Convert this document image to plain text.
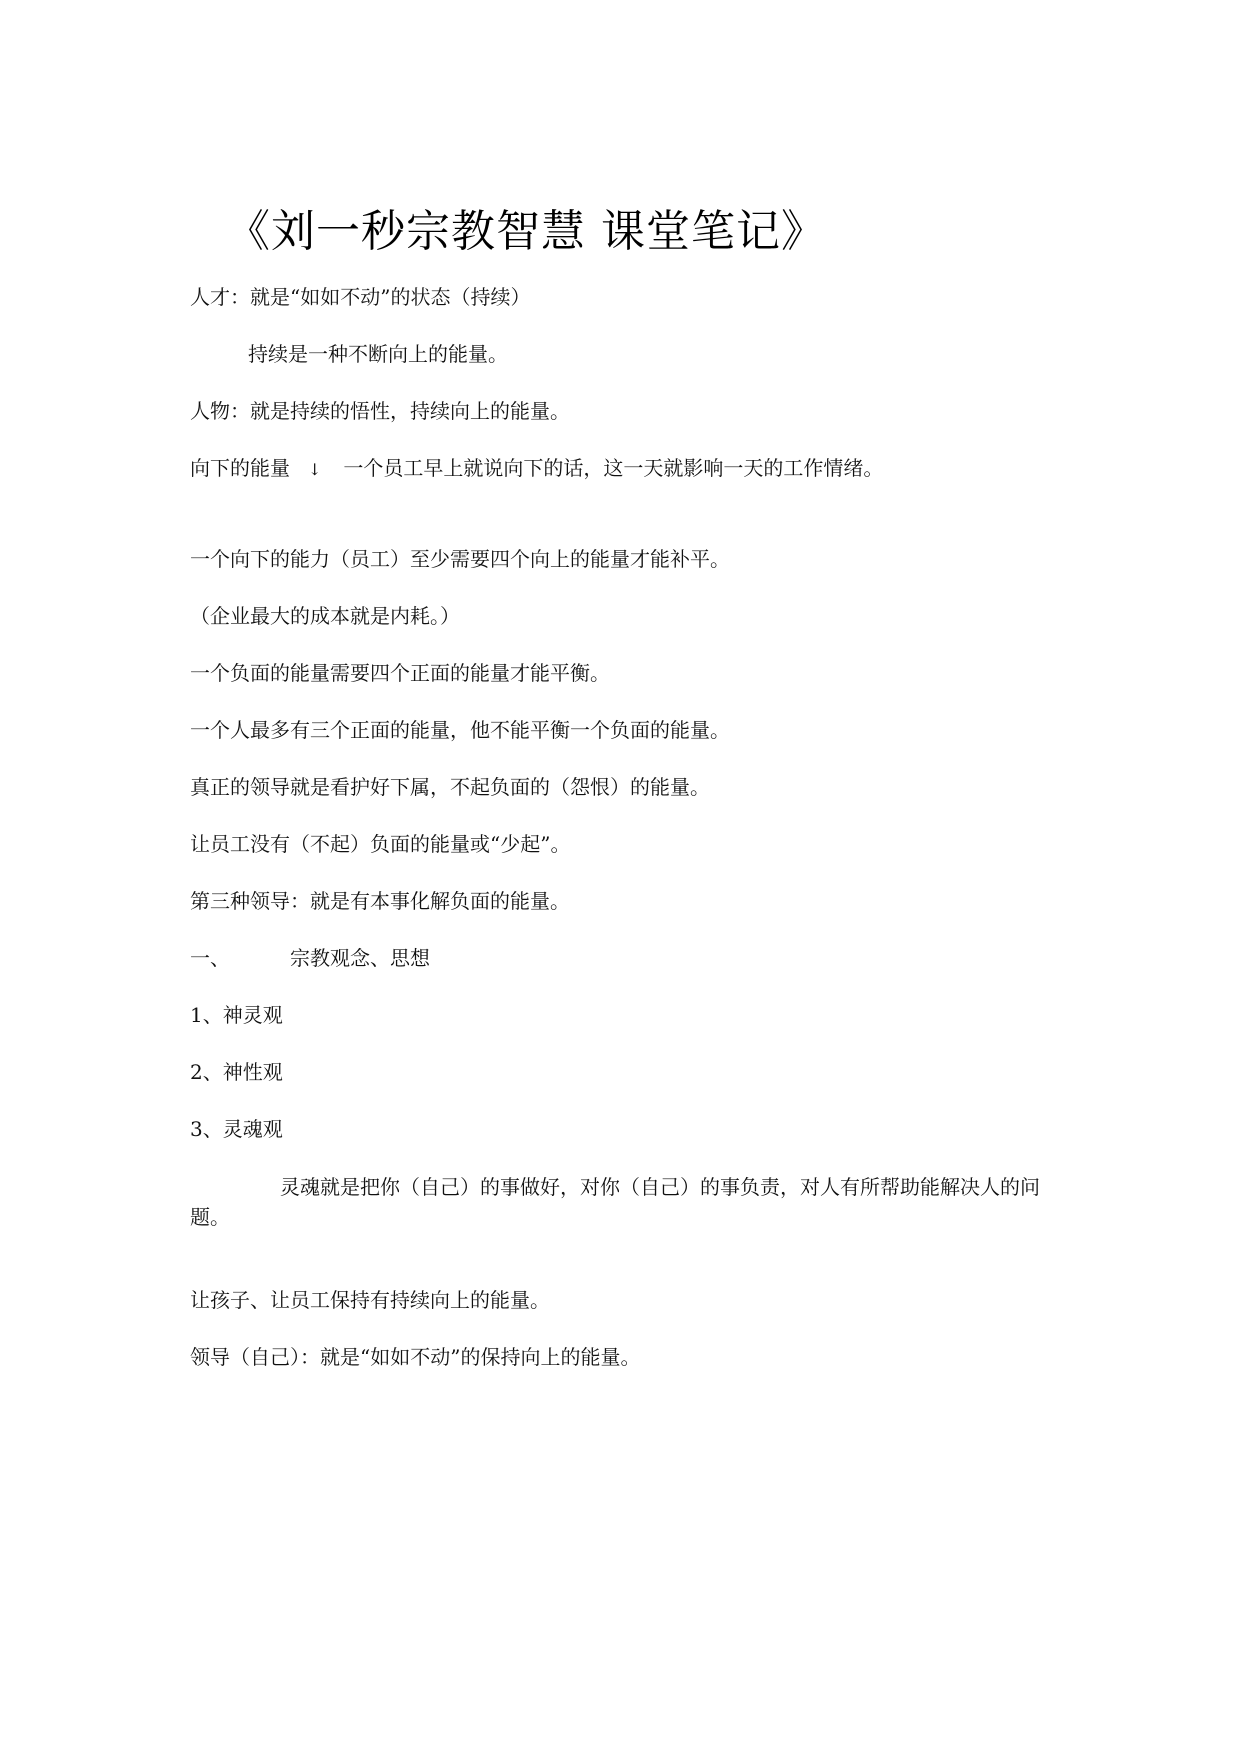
《刘一秒宗教智慧 课堂笔记》
人才：就是“如如不动”的状态（持续）
持续是一种不断向上的能量。
人物：就是持续的悟性，持续向上的能量。
向下的能量 ↓ 一个员工早上就说向下的话，这一天就影响一天的工作情绪。
一个向下的能力（员工）至少需要四个向上的能量才能补平。
（企业最大的成本就是内耗。）
一个负面的能量需要四个正面的能量才能平衡。
一个人最多有三个正面的能量，他不能平衡一个负面的能量。
真正的领导就是看护好下属，不起负面的（怨恨）的能量。
让员工没有（不起）负面的能量或“少起”。
第三种领导：就是有本事化解负面的能量。
一、	宗教观念、思想
1、神灵观
2、神性观
3、灵魂观
灵魂就是把你（自己）的事做好，对你（自己）的事负责，对人有所帮助能解决人的问题。
让孩子、让员工保持有持续向上的能量。
领导（自己）：就是“如如不动”的保持向上的能量。
